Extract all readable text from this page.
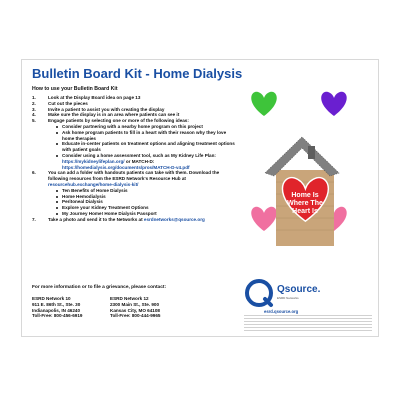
Bulletin Board Kit - Home Dialysis

How to use your Bulletin Board Kit

1.	Look at the Display Board idea on page 13
2.	Cut out the pieces
3.	Invite a patient to assist you with creating the display
4.	Make sure the display is in an area where patients can see it
5.	Engage patients by selecting one or more of the following ideas:
Consider partnering with a nearby home program on this project
Ask home program patients to fill in a heart with their reason why they love home therapies
Educate in-center patients on treatment options and aligning treatment options with patient goals
Consider using a home assessment tool, such as My Kidney Life Plan:
https://mykidneylifeplan.org/ or MATCH-D:
https://homedialysis.org/documents/pros/MATCH-D-v4.pdf
6.	You can add a folder with handouts patients can take with them. Download the following resources from the ESRD Network's Resource Hub at resourcehub.exchange/home-dialysis-kit/
Ten Benefits of Home Dialysis
Home Hemodialysis
Peritoneal Dialysis
Explore your Kidney Treatment Options
My Journey Home! Home Dialysis Passport
7.	Take a photo and send it to the Networks at esrdnetworks@qsource.org

For more information or to file a grievance, please contact:

ESRD Network 10
911 E. 86th St., Ste. 30
Indianapolis, IN 46240
Toll-Free: 800-456-6919
ESRD Network 12
2300 Main St., Ste. 900
Kansas City, MO 64108
Toll-Free: 800-444-9965
Qsource.
ESRD Networks
esrd.qsource.org
Home Is
Where The
Heart Is
